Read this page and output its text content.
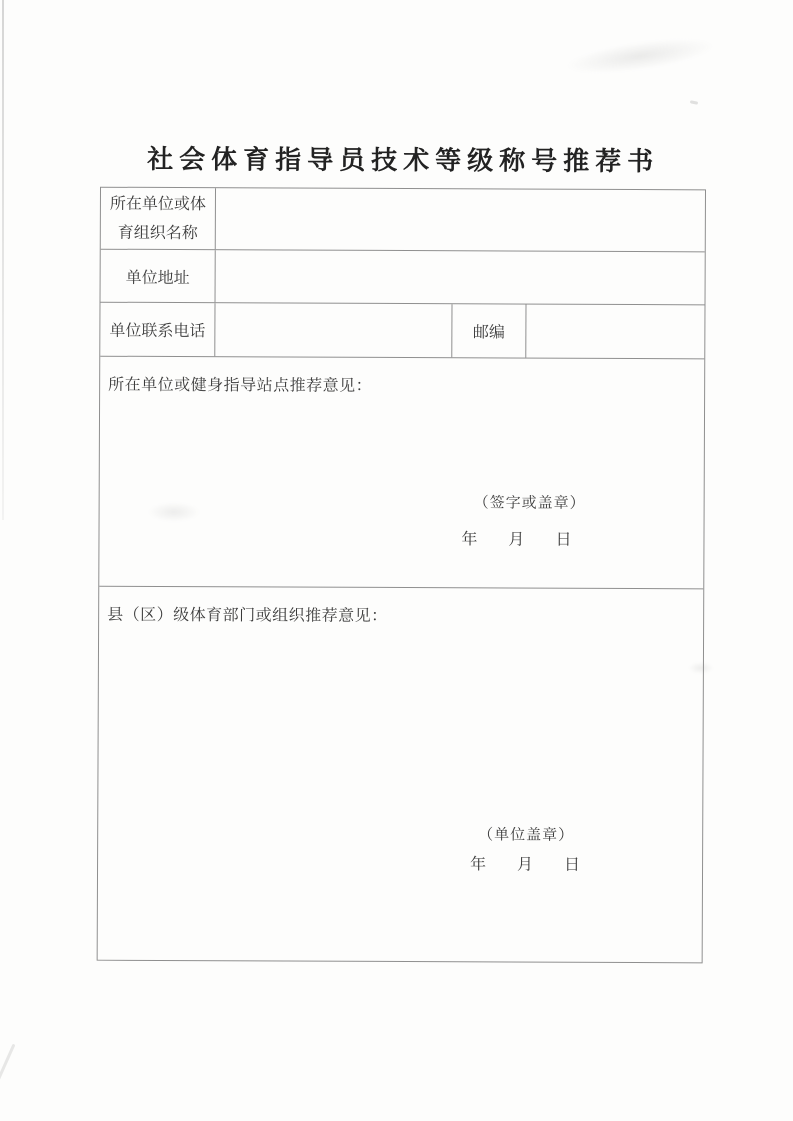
社会体育指导员技术等级称号推荐书
所在单位或体
育组织名称
单位地址
单位联系电话	邮编
所在单位或健身指导站点推荐意见：
（签字或盖章）
年 月 日
县（区）级体育部门或组织推荐意见：
（单位盖章）
年 月 日
